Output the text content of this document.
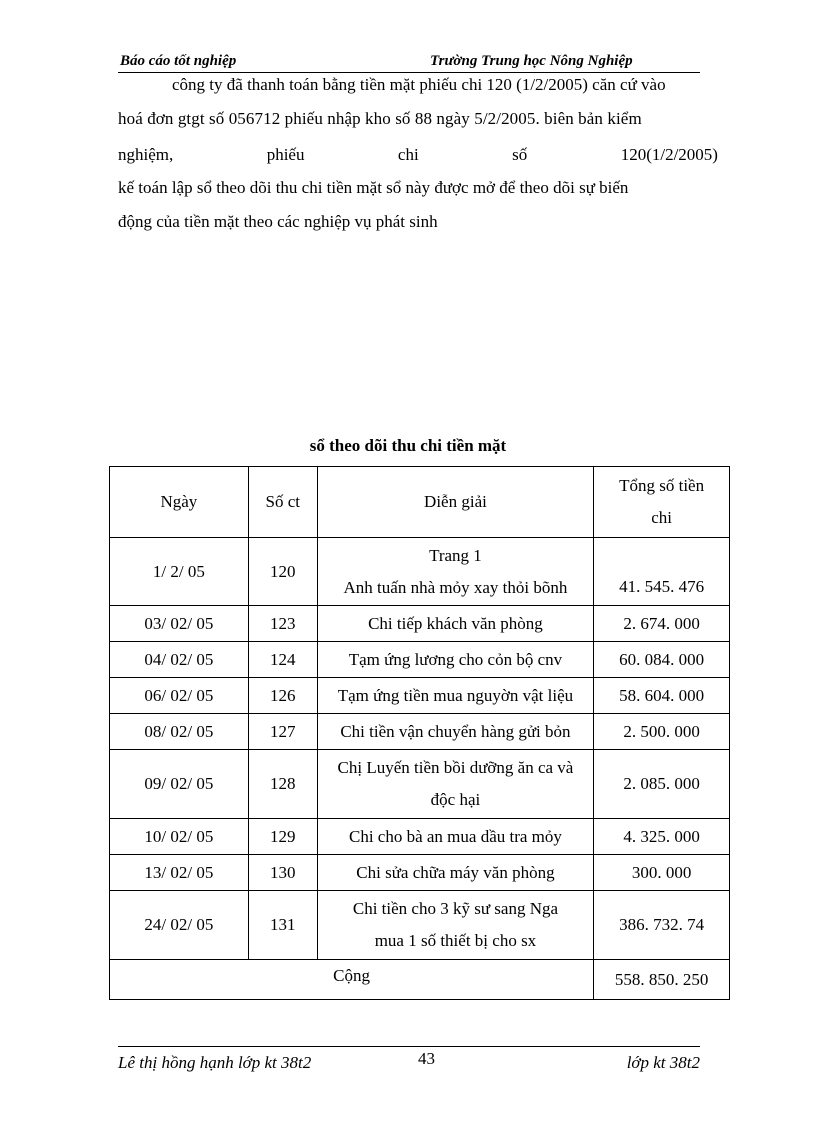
Báo cáo tốt nghiệp	Trường Trung học Nông Nghiệp
công ty đã thanh toán bằng tiền mặt phiếu chi 120 (1/2/2005) căn cứ vào
hoá đơn gtgt số 056712 phiếu nhập kho số 88 ngày 5/2/2005. biên bản kiểm
nghiệm,	phiếu	chi	số	120(1/2/2005)
kế toán lập sổ theo dõi thu chi tiền mặt sổ này được mở để theo dõi sự biến
động của tiền mặt theo các nghiệp vụ phát sinh
sổ theo dõi thu chi tiền mặt
Ngày	Số ct	Diễn giải	Tổng số tiền
chi

1/ 2/ 05	120	Trang 1
Anh tuấn nhà mỏy xay thỏi bõnh	41. 545. 476
03/ 02/ 05	123	Chi tiếp khách văn phòng	2. 674. 000
04/ 02/ 05	124	Tạm ứng lương cho cỏn bộ cnv	60. 084. 000
06/ 02/ 05	126	Tạm ứng tiền mua nguyờn vật liệu	58. 604. 000
08/ 02/ 05	127	Chi tiền vận chuyển hàng gửi bỏn	2. 500. 000
09/ 02/ 05	128	Chị Luyến tiền bồi dưỡng ăn ca và
độc hại	2. 085. 000
10/ 02/ 05	129	Chi cho bà an mua dầu tra mỏy	4. 325. 000
13/ 02/ 05	130	Chi sửa chữa máy văn phòng	300. 000
24/ 02/ 05	131	Chi tiền cho 3 kỹ sư sang Nga
mua 1 số thiết bị cho sx	386. 732. 74
Cộng			558. 850. 250
Lê thị hồng hạnh lớp kt 38t2	43	lớp kt 38t2
